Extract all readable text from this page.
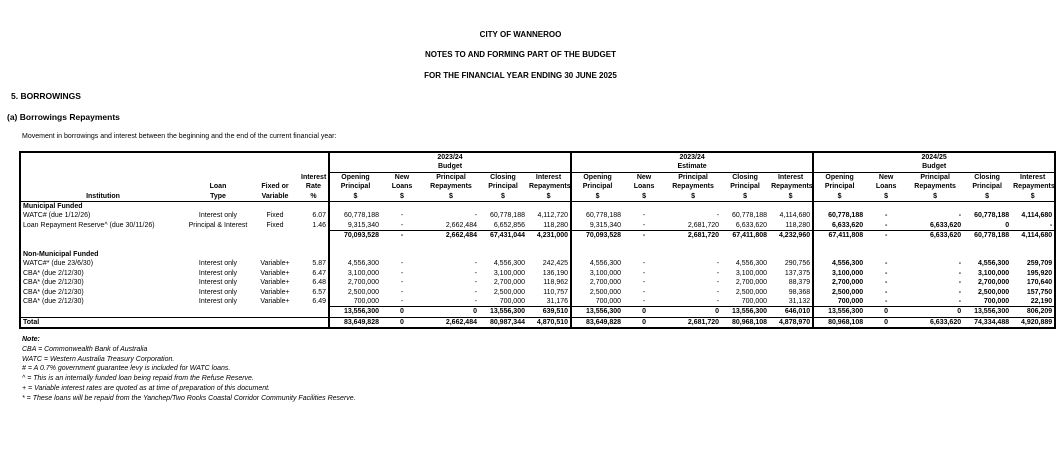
CITY OF WANNEROO
NOTES TO AND FORMING PART OF THE BUDGET
FOR THE FINANCIAL YEAR ENDING 30 JUNE 2025
5. BORROWINGS
(a) Borrowings Repayments
Movement in borrowings and interest between the beginning and the end of the current financial year:
				2023/24					2023/24					2024/25				
				Budget					Estimate					Budget				
			Interest	Opening	New	Principal	Closing	Interest	Opening	New	Principal	Closing	Interest	Opening	New	Principal	Closing	Interest
	Loan	Fixed or	Rate	Principal	Loans	Repayments	Principal	Repayments	Principal	Loans	Repayments	Principal	Repayments	Principal	Loans	Repayments	Principal	Repayments
Institution	Type	Variable	%	$	$	$	$	$	$	$	$	$	$	$	$	$	$	$
Municipal Funded																		
WATC# (due 1/12/26)	Interest only	Fixed	6.07	60,778,188	-	-	60,778,188	4,112,720	60,778,188	-	-	60,778,188	4,114,680	60,778,188	-	-	60,778,188	4,114,680
Loan Repayment Reserve^ (due 30/11/26)	Principal & Interest	Fixed	1.46	9,315,340	-	2,662,484	6,652,856	118,280	9,315,340	-	2,681,720	6,633,620	118,280	6,633,620	-	6,633,620	0	-
				70,093,528	-	2,662,484	67,431,044	4,231,000	70,093,528	-	2,681,720	67,411,808	4,232,960	67,411,808	-	6,633,620	60,778,188	4,114,680

Non-Municipal Funded																		
WATC#* (due 23/6/30)	Interest only	Variable+	5.87	4,556,300	-	-	4,556,300	242,425	4,556,300	-	-	4,556,300	290,756	4,556,300	-	-	4,556,300	259,709
CBA* (due 2/12/30)	Interest only	Variable+	6.47	3,100,000	-	-	3,100,000	136,190	3,100,000	-	-	3,100,000	137,375	3,100,000	-	-	3,100,000	195,920
CBA* (due 2/12/30)	Interest only	Variable+	6.48	2,700,000	-	-	2,700,000	118,962	2,700,000	-	-	2,700,000	88,379	2,700,000	-	-	2,700,000	170,640
CBA* (due 2/12/30)	Interest only	Variable+	6.57	2,500,000	-	-	2,500,000	110,757	2,500,000	-	-	2,500,000	98,368	2,500,000	-	-	2,500,000	157,750
CBA* (due 2/12/30)	Interest only	Variable+	6.49	700,000	-	-	700,000	31,176	700,000	-	-	700,000	31,132	700,000	-	-	700,000	22,190
				13,556,300	0	0	13,556,300	639,510	13,556,300	0	0	13,556,300	646,010	13,556,300	0	0	13,556,300	806,209
Total				83,649,828	0	2,662,484	80,987,344	4,870,510	83,649,828	0	2,681,720	80,968,108	4,878,970	80,968,108	0	6,633,620	74,334,488	4,920,889
Note:
CBA = Commonwealth Bank of Australia
WATC = Western Australia Treasury Corporation.
# = A 0.7% government guarantee levy is included for WATC loans.
^ = This is an internally funded loan being repaid from the Refuse Reserve.
+ = Variable interest rates are quoted as at time of preparation of this document.
* = These loans will be repaid from the Yanchep/Two Rocks Coastal Corridor Community Facilities Reserve.
